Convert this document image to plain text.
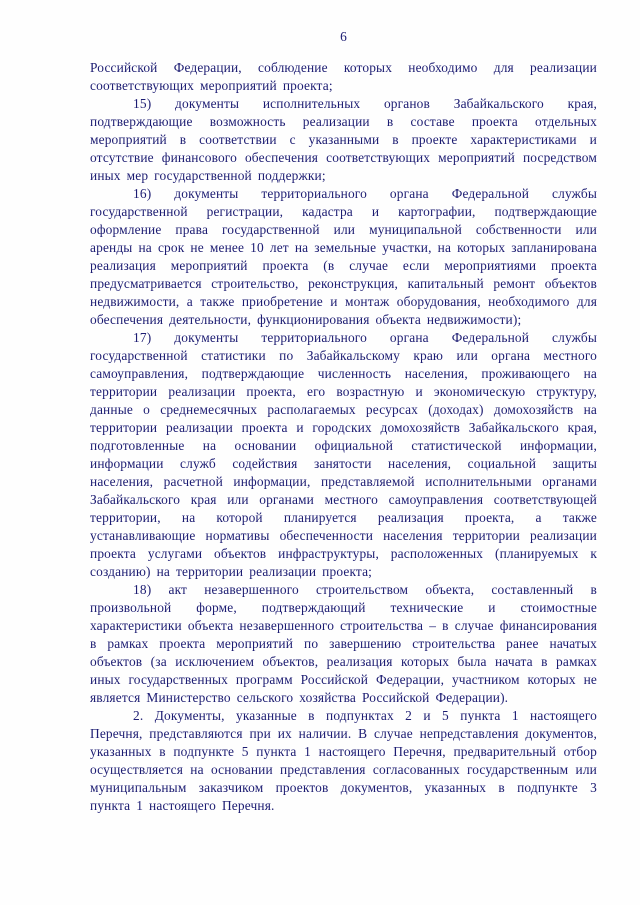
6

Российской Федерации, соблюдение которых необходимо для реализации соответствующих мероприятий проекта;

15) документы исполнительных органов Забайкальского края, подтверждающие возможность реализации в составе проекта отдельных мероприятий в соответствии с указанными в проекте характеристиками и отсутствие финансового обеспечения соответствующих мероприятий посредством иных мер государственной поддержки;

16) документы территориального органа Федеральной службы государственной регистрации, кадастра и картографии, подтверждающие оформление права государственной или муниципальной собственности или аренды на срок не менее 10 лет на земельные участки, на которых запланирована реализация мероприятий проекта (в случае если мероприятиями проекта предусматривается строительство, реконструкция, капитальный ремонт объектов недвижимости, а также приобретение и монтаж оборудования, необходимого для обеспечения деятельности, функционирования объекта недвижимости);

17) документы территориального органа Федеральной службы государственной статистики по Забайкальскому краю или органа местного самоуправления, подтверждающие численность населения, проживающего на территории реализации проекта, его возрастную и экономическую структуру, данные о среднемесячных располагаемых ресурсах (доходах) домохозяйств на территории реализации проекта и городских домохозяйств Забайкальского края, подготовленные на основании официальной статистической информации, информации служб содействия занятости населения, социальной защиты населения, расчетной информации, представляемой исполнительными органами Забайкальского края или органами местного самоуправления соответствующей территории, на которой планируется реализация проекта, а также устанавливающие нормативы обеспеченности населения территории реализации проекта услугами объектов инфраструктуры, расположенных (планируемых к созданию) на территории реализации проекта;

18) акт незавершенного строительством объекта, составленный в произвольной форме, подтверждающий технические и стоимостные характеристики объекта незавершенного строительства – в случае финансирования в рамках проекта мероприятий по завершению строительства ранее начатых объектов (за исключением объектов, реализация которых была начата в рамках иных государственных программ Российской Федерации, участником которых не является Министерство сельского хозяйства Российской Федерации).

2. Документы, указанные в подпунктах 2 и 5 пункта 1 настоящего Перечня, представляются при их наличии. В случае непредставления документов, указанных в подпункте 5 пункта 1 настоящего Перечня, предварительный отбор осуществляется на основании представления согласованных государственным или муниципальным заказчиком проектов документов, указанных в подпункте 3 пункта 1 настоящего Перечня.
